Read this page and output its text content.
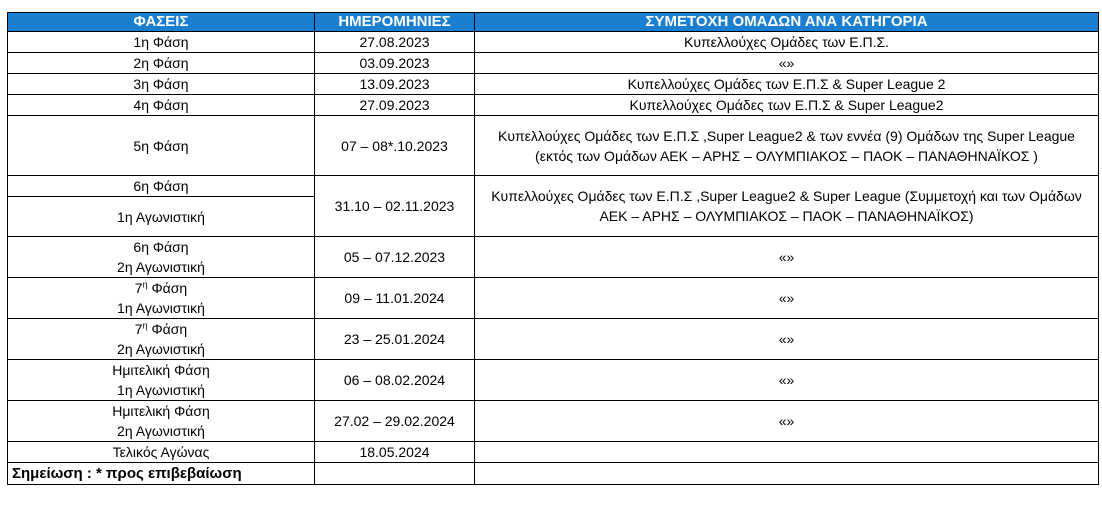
ΦΑΣΕΙΣ	ΗΜΕΡΟΜΗΝΙΕΣ	ΣΥΜΕΤΟΧΗ ΟΜΑΔΩΝ ΑΝΑ ΚΑΤΗΓΟΡΙΑ
1η Φάση	27.08.2023	Κυπελλούχες Ομάδες των Ε.Π.Σ.
2η Φάση	03.09.2023	«»
3η Φάση	13.09.2023	Κυπελλούχες Ομάδες των Ε.Π.Σ & Super League 2
4η Φάση	27.09.2023	Κυπελλούχες Ομάδες των Ε.Π.Σ & Super League2
5η Φάση	07 – 08*.10.2023	Κυπελλούχες Ομάδες των Ε.Π.Σ ,Super League2 & των εννέα (9) Ομάδων της Super League (εκτός των Ομάδων ΑΕΚ – ΑΡΗΣ – ΟΛΥΜΠΙΑΚΟΣ – ΠΑΟΚ – ΠΑΝΑΘΗΝΑΪΚΟΣ )
6η Φάση	31.10 – 02.11.2023	Κυπελλούχες Ομάδες των Ε.Π.Σ ,Super League2 & Super League (Συμμετοχή και των Ομάδων ΑΕΚ – ΑΡΗΣ – ΟΛΥΜΠΙΑΚΟΣ – ΠΑΟΚ – ΠΑΝΑΘΗΝΑΪΚΟΣ)
1η Αγωνιστική		
6η Φάση	05 – 07.12.2023	«»
2η Αγωνιστική		
$7^\eta$ Φάση	09 – 11.01.2024	«»
1η Αγωνιστική		
$7^\eta$ Φάση	23 – 25.01.2024	«»
2η Αγωνιστική		
Ημιτελική Φάση	06 – 08.02.2024	«»
1η Αγωνιστική		
Ημιτελική Φάση	27.02 – 29.02.2024	«»
2η Αγωνιστική		
Τελικός Αγώνας	18.05.2024	
Σημείωση : * προς επιβεβαίωση		
